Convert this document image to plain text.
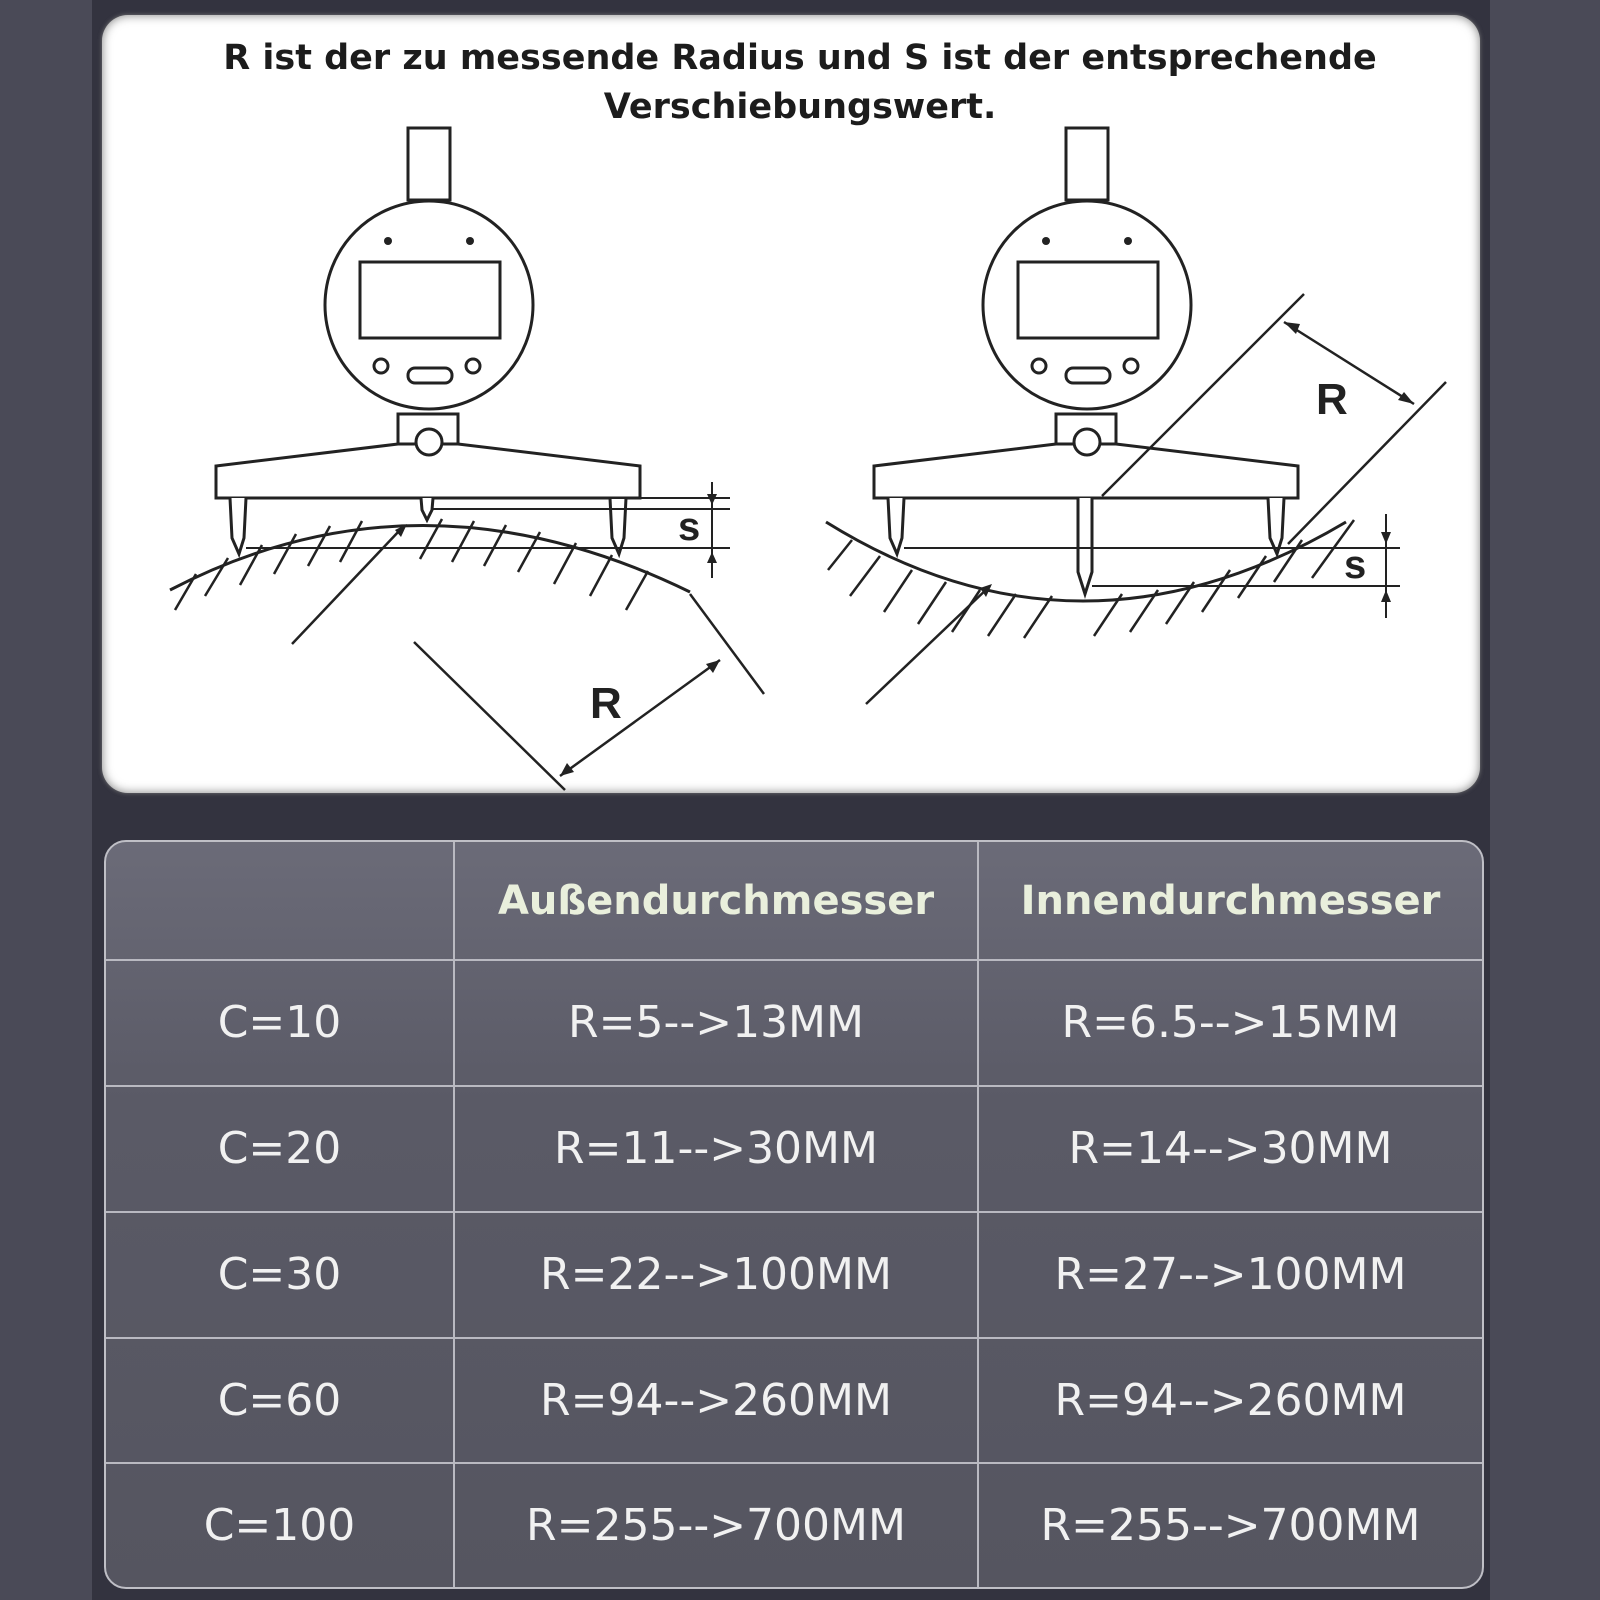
R ist der zu messende Radius und S ist der entsprechende
Verschiebungswert.
s
R
s
R
	Außendurchmesser	Innendurchmesser
C=10	R=5-->13MM	R=6.5-->15MM
C=20	R=11-->30MM	R=14-->30MM
C=30	R=22-->100MM	R=27-->100MM
C=60	R=94-->260MM	R=94-->260MM
C=100	R=255-->700MM	R=255-->700MM
